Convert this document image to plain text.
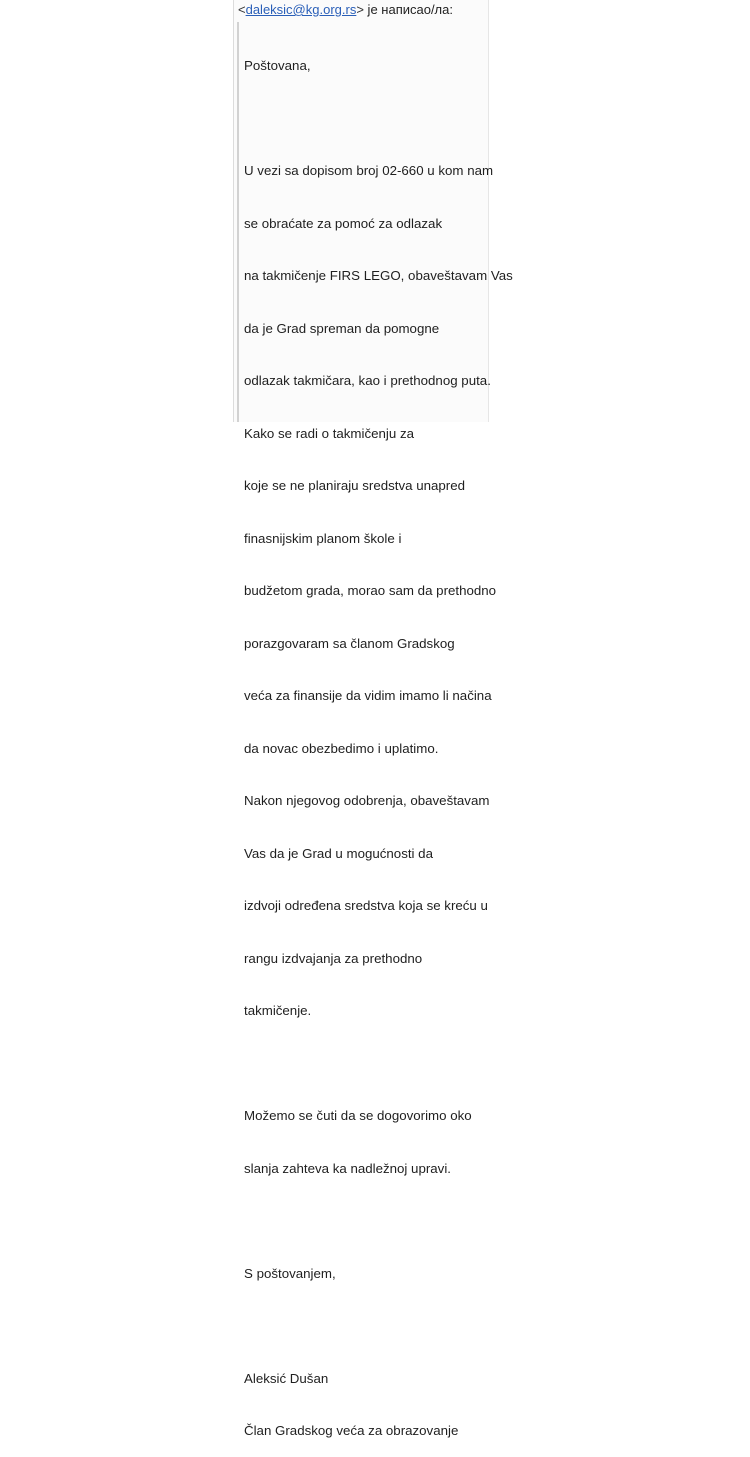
<daleksic@kg.org.rs> је написао/ла:

Poštovana,

U vezi sa dopisom broj 02-660 u kom nam

se obraćate za pomoć za odlazak

na takmičenje FIRS LEGO, obaveštavam Vas

da je Grad spreman da pomogne

odlazak takmičara, kao i prethodnog puta.

Kako se radi o takmičenju za

koje se ne planiraju sredstva unapred

finasnijskim planom škole i

budžetom grada, morao sam da prethodno

porazgovaram sa članom Gradskog

veća za finansije da vidim imamo li načina

da novac obezbedimo i uplatimo.

Nakon njegovog odobrenja, obaveštavam

Vas da je Grad u mogućnosti da

izdvoji određena sredstva koja se kreću u

rangu izdvajanja za prethodno

takmičenje.

Možemo se čuti da se dogovorimo oko

slanja zahteva ka nadležnoj upravi.

S poštovanjem,

Aleksić Dušan

Član Gradskog veća za obrazovanje
